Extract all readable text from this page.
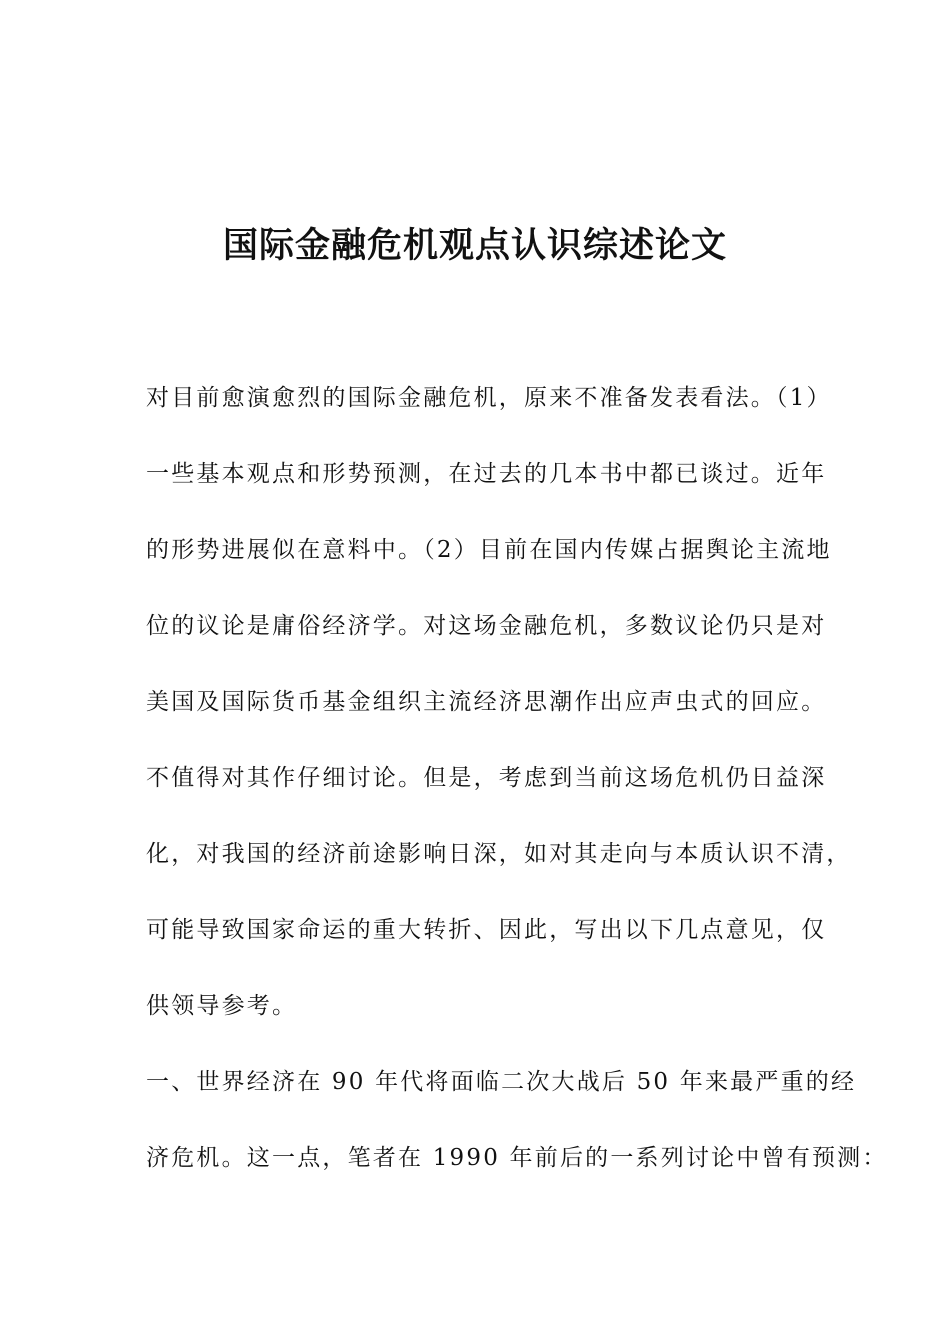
国际金融危机观点认识综述论文
对目前愈演愈烈的国际金融危机，原来不准备发表看法。（1）
一些基本观点和形势预测，在过去的几本书中都已谈过。近年
的形势进展似在意料中。（2）目前在国内传媒占据舆论主流地
位的议论是庸俗经济学。对这场金融危机，多数议论仍只是对
美国及国际货币基金组织主流经济思潮作出应声虫式的回应。
不值得对其作仔细讨论。但是，考虑到当前这场危机仍日益深
化，对我国的经济前途影响日深，如对其走向与本质认识不清，
可能导致国家命运的重大转折、因此，写出以下几点意见，仅
供领导参考。
一、世界经济在 90 年代将面临二次大战后 50 年来最严重的经
济危机。这一点，笔者在 1990 年前后的一系列讨论中曾有预测：
